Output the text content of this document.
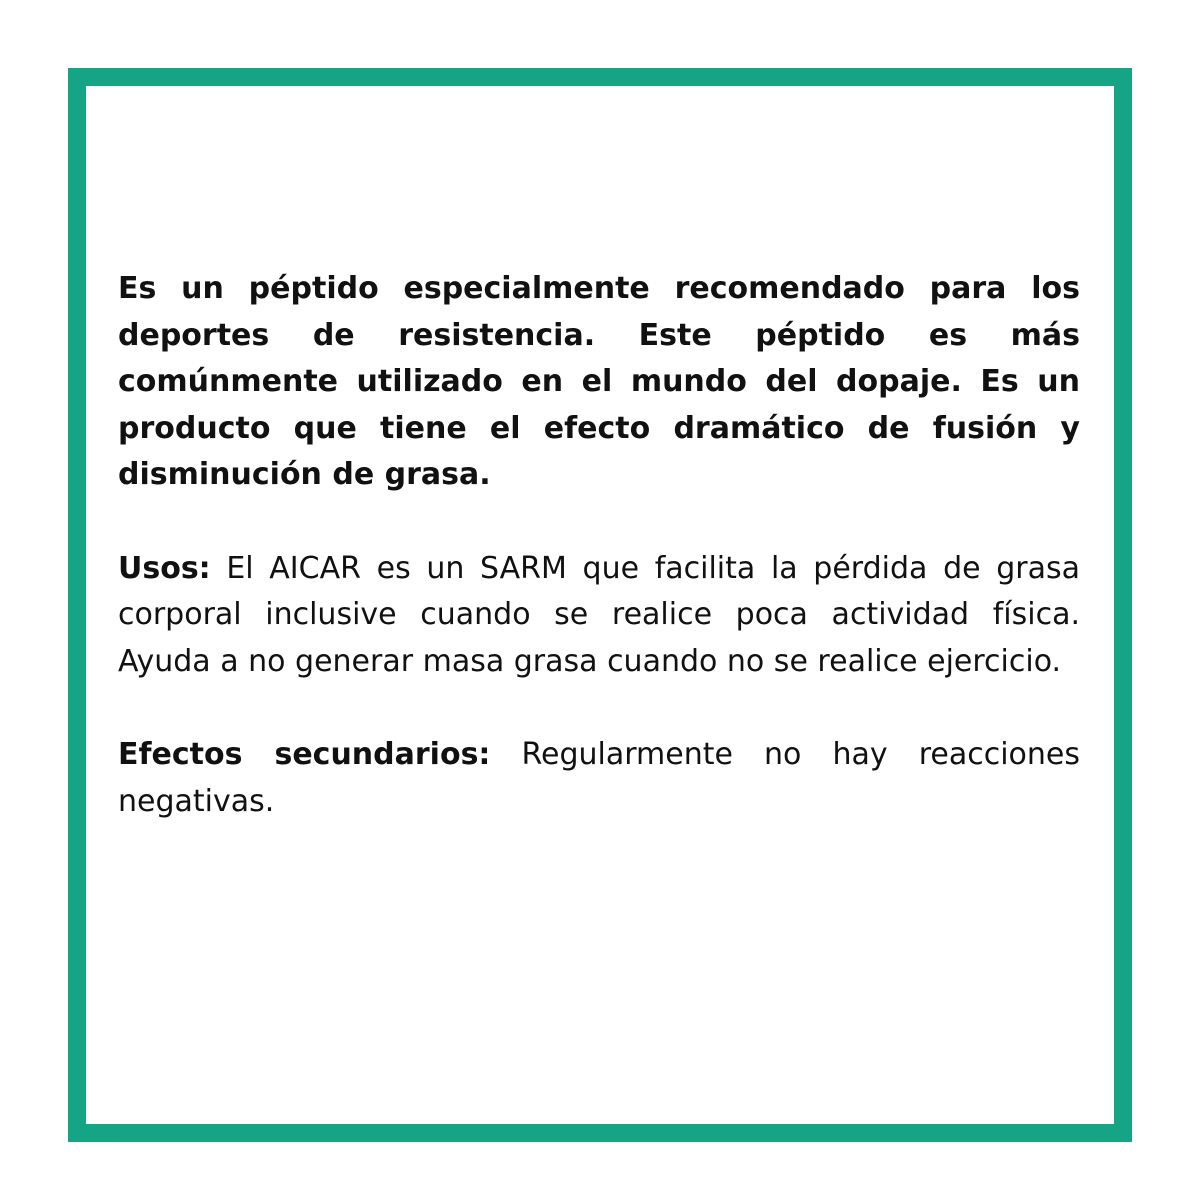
Es un péptido especialmente recomendado para los deportes de resistencia. Este péptido es más comúnmente utilizado en el mundo del dopaje. Es un producto que tiene el efecto dramático de fusión y disminución de grasa.

Usos: El AICAR es un SARM que facilita la pérdida de grasa corporal inclusive cuando se realice poca actividad física. Ayuda a no generar masa grasa cuando no se realice ejercicio.

Efectos secundarios: Regularmente no hay reacciones negativas.
